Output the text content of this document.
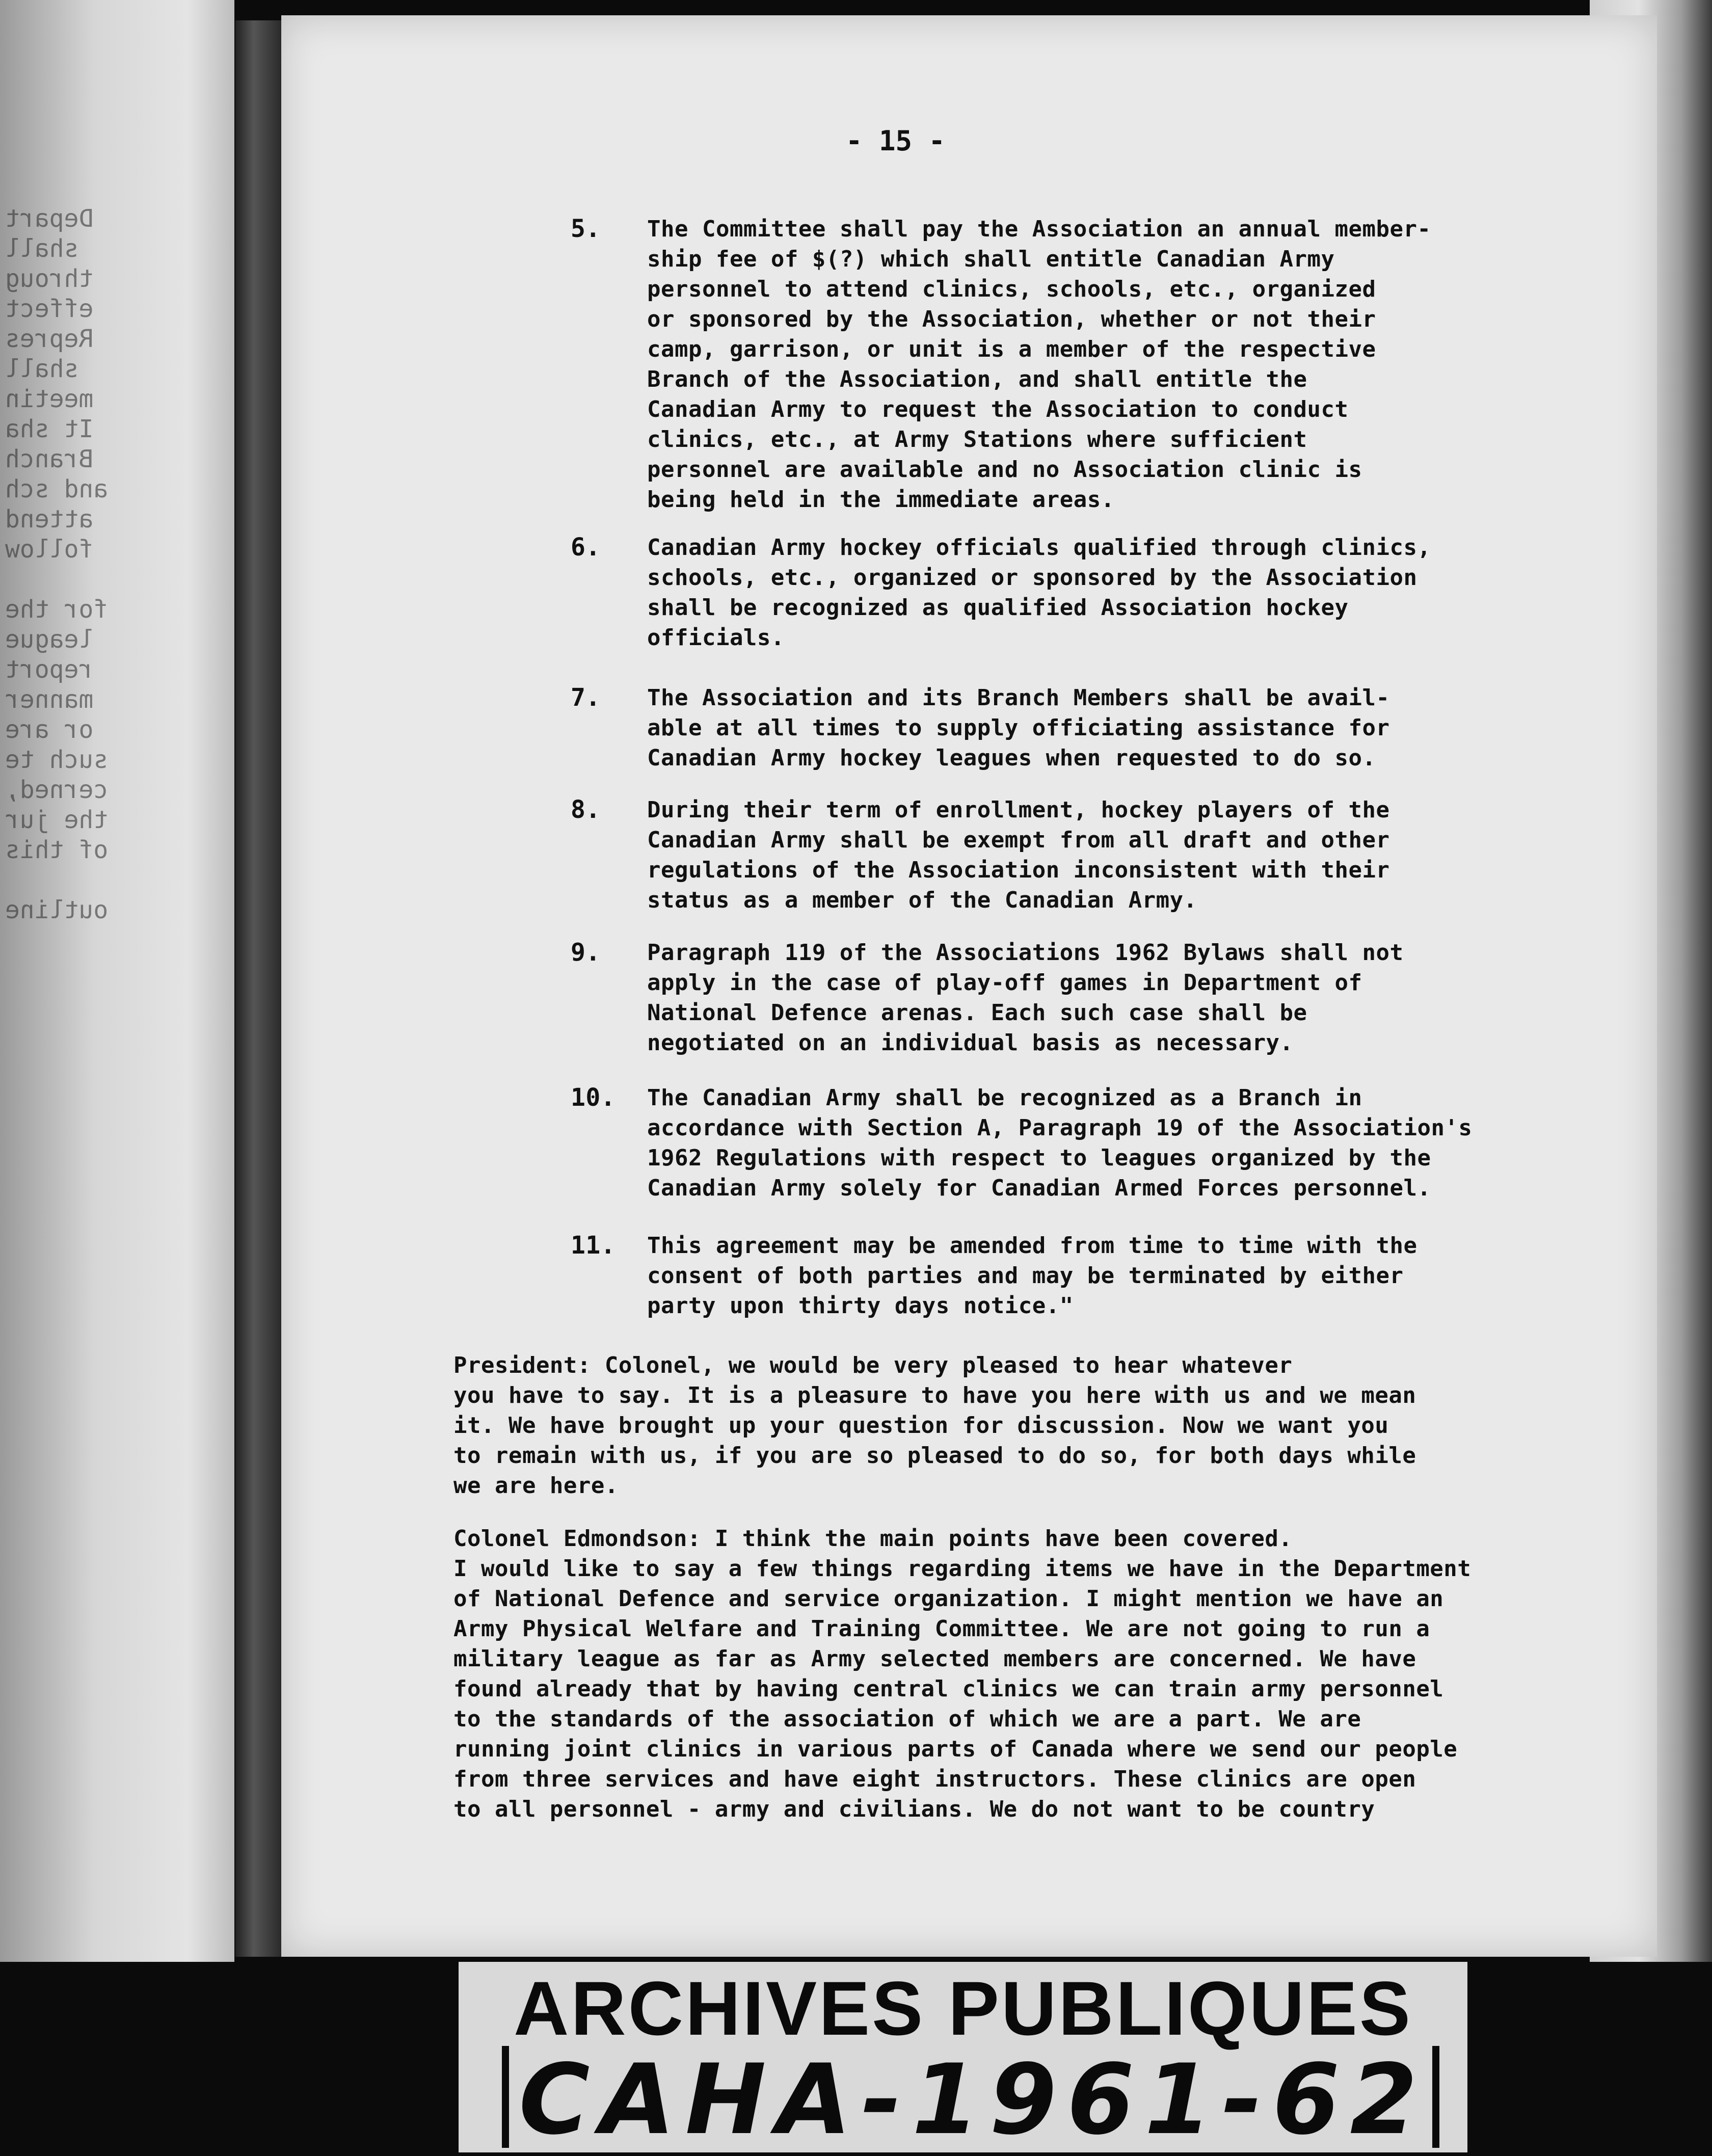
Depart
shall
throug
effect
Repres
shall
meetin
It sha
Branch
and sch
attend
follow

for the
league
report
manner
or are
such te
cerned,
the jur
of this

outline
- 15 -
5.	The Committee shall pay the Association an annual member-
ship fee of $(?) which shall entitle Canadian Army
personnel to attend clinics, schools, etc., organized
or sponsored by the Association, whether or not their
camp, garrison, or unit is a member of the respective
Branch of the Association, and shall entitle the
Canadian Army to request the Association to conduct
clinics, etc., at Army Stations where sufficient
personnel are available and no Association clinic is
being held in the immediate areas.
6.	Canadian Army hockey officials qualified through clinics,
schools, etc., organized or sponsored by the Association
shall be recognized as qualified Association hockey
officials.
7.	The Association and its Branch Members shall be avail-
able at all times to supply officiating assistance for
Canadian Army hockey leagues when requested to do so.
8.	During their term of enrollment, hockey players of the
Canadian Army shall be exempt from all draft and other
regulations of the Association inconsistent with their
status as a member of the Canadian Army.
9.	Paragraph 119 of the Associations 1962 Bylaws shall not
apply in the case of play-off games in Department of
National Defence arenas. Each such case shall be
negotiated on an individual basis as necessary.
10.	The Canadian Army shall be recognized as a Branch in
accordance with Section A, Paragraph 19 of the Association's
1962 Regulations with respect to leagues organized by the
Canadian Army solely for Canadian Armed Forces personnel.
11.	This agreement may be amended from time to time with the
consent of both parties and may be terminated by either
party upon thirty days notice."
President: Colonel, we would be very pleased to hear whatever
you have to say. It is a pleasure to have you here with us and we mean
it. We have brought up your question for discussion. Now we want you
to remain with us, if you are so pleased to do so, for both days while
we are here.
Colonel Edmondson: I think the main points have been covered.
I would like to say a few things regarding items we have in the Department
of National Defence and service organization. I might mention we have an
Army Physical Welfare and Training Committee. We are not going to run a
military league as far as Army selected members are concerned. We have
found already that by having central clinics we can train army personnel
to the standards of the association of which we are a part. We are
running joint clinics in various parts of Canada where we send our people
from three services and have eight instructors. These clinics are open
to all personnel - army and civilians. We do not want to be country
ARCHIVES PUBLIQUES
CAHA-1961-62
